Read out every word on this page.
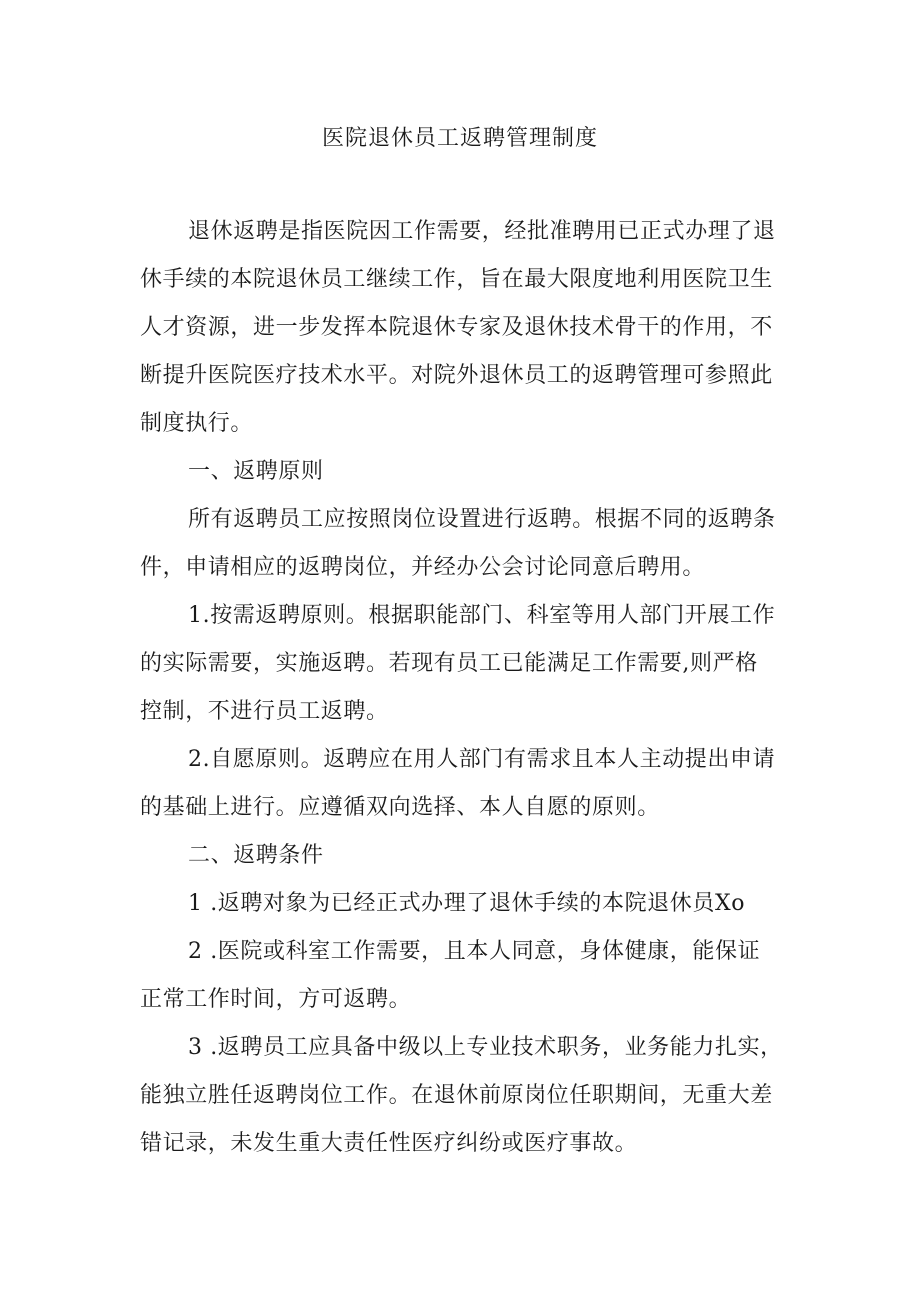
医院退休员工返聘管理制度

退休返聘是指医院因工作需要，经批准聘用已正式办理了退

休手续的本院退休员工继续工作，旨在最大限度地利用医院卫生

人才资源，进一步发挥本院退休专家及退休技术骨干的作用，不

断提升医院医疗技术水平。对院外退休员工的返聘管理可参照此

制度执行。

一、返聘原则

所有返聘员工应按照岗位设置进行返聘。根据不同的返聘条

件，申请相应的返聘岗位，并经办公会讨论同意后聘用。

1.按需返聘原则。根据职能部门、科室等用人部门开展工作

的实际需要，实施返聘。若现有员工已能满足工作需要,则严格

控制，不进行员工返聘。

2.自愿原则。返聘应在用人部门有需求且本人主动提出申请

的基础上进行。应遵循双向选择、本人自愿的原则。

二、返聘条件

1 .返聘对象为已经正式办理了退休手续的本院退休员Xo

2 .医院或科室工作需要，且本人同意，身体健康，能保证

正常工作时间，方可返聘。

3 .返聘员工应具备中级以上专业技术职务，业务能力扎实，

能独立胜任返聘岗位工作。在退休前原岗位任职期间，无重大差

错记录，未发生重大责任性医疗纠纷或医疗事故。
